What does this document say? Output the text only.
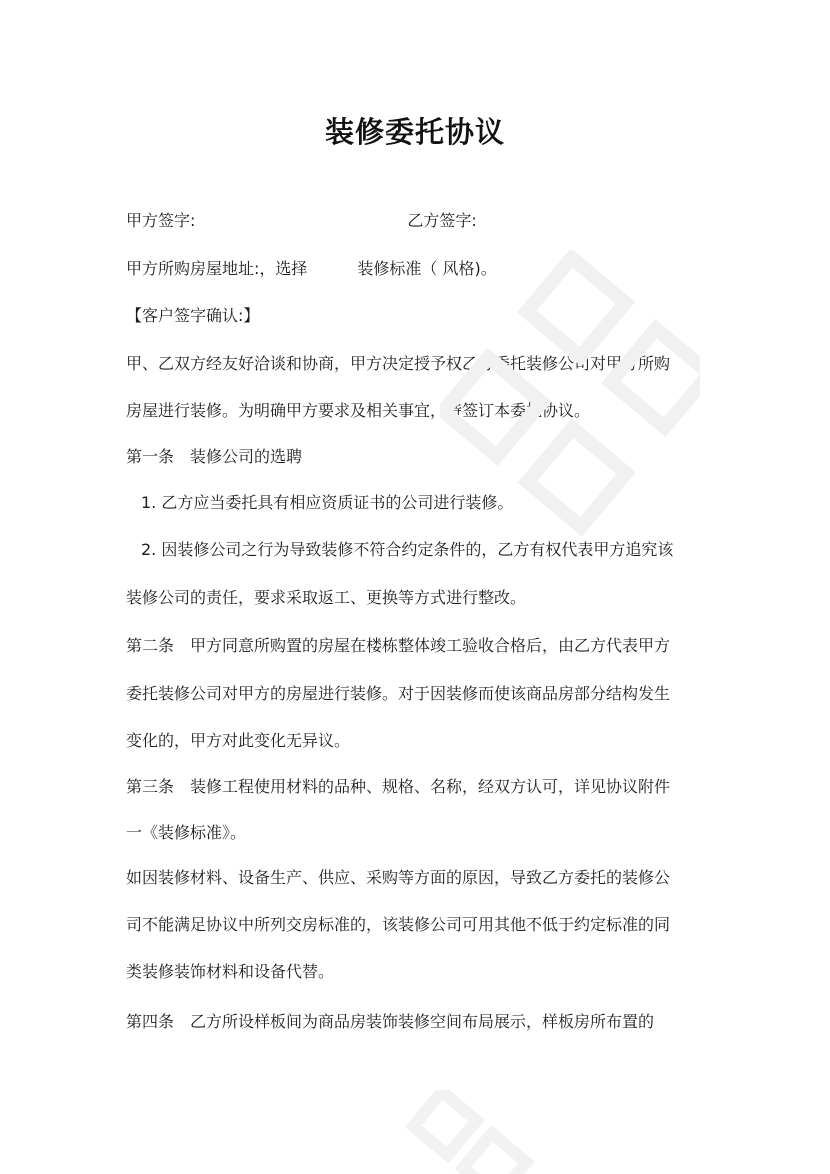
装修委托协议
甲方签字:	乙方签字:
甲方所购房屋地址:，选择	装修标准（ 风格)。
【客户签字确认:】
甲、乙双方经友好洽谈和协商，甲方决定授予权乙方委托装修公司对甲方所购
房屋进行装修。为明确甲方要求及相关事宜，特签订本委托协议。
第一条　装修公司的选聘
1. 乙方应当委托具有相应资质证书的公司进行装修。
2. 因装修公司之行为导致装修不符合约定条件的，乙方有权代表甲方追究该
装修公司的责任，要求采取返工、更换等方式进行整改。
第二条　甲方同意所购置的房屋在楼栋整体竣工验收合格后，由乙方代表甲方
委托装修公司对甲方的房屋进行装修。对于因装修而使该商品房部分结构发生
变化的，甲方对此变化无异议。
第三条　装修工程使用材料的品种、规格、名称，经双方认可，详见协议附件
一《装修标准》。
如因装修材料、设备生产、供应、采购等方面的原因，导致乙方委托的装修公
司不能满足协议中所列交房标准的，该装修公司可用其他不低于约定标准的同
类装修装饰材料和设备代替。
第四条　乙方所设样板间为商品房装饰装修空间布局展示，样板房所布置的
